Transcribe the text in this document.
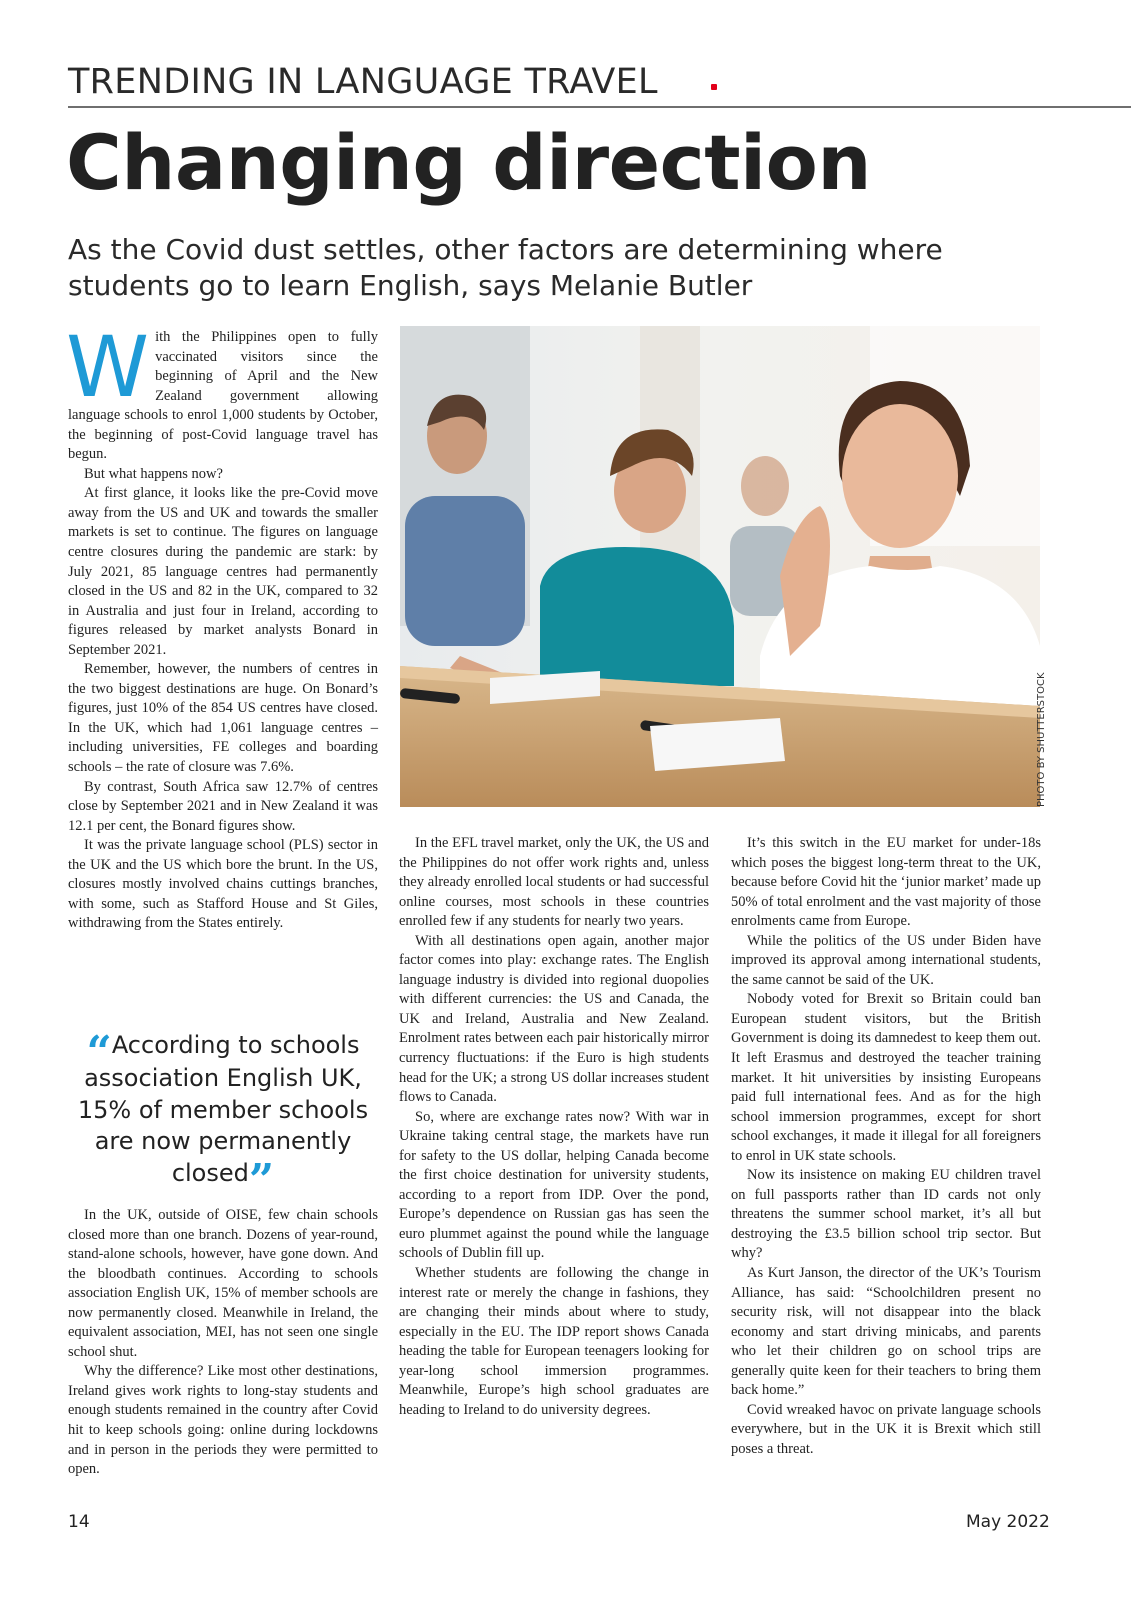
TRENDING IN LANGUAGE TRAVEL
Changing direction
As the Covid dust settles, other factors are determining where students go to learn English, says Melanie Butler
PHOTO BY SHUTTERSTOCK

With the Philippines open to fully vaccinated visitors since the beginning of April and the New Zealand government allowing language schools to enrol 1,000 students by October, the beginning of post-Covid language travel has begun.

But what happens now?

At first glance, it looks like the pre-Covid move away from the US and UK and towards the smaller markets is set to continue. The figures on language centre closures during the pandemic are stark: by July 2021, 85 language centres had permanently closed in the US and 82 in the UK, compared to 32 in Australia and just four in Ireland, according to figures released by market analysts Bonard in September 2021.

Remember, however, the numbers of centres in the two biggest destinations are huge. On Bonard’s figures, just 10% of the 854 US centres have closed. In the UK, which had 1,061 language centres – including universities, FE colleges and boarding schools – the rate of closure was 7.6%.

By contrast, South Africa saw 12.7% of centres close by September 2021 and in New Zealand it was 12.1 per cent, the Bonard figures show.

It was the private language school (PLS) sector in the UK and the US which bore the brunt. In the US, closures mostly involved chains cuttings branches, with some, such as Stafford House and St Giles, withdrawing from the States entirely.

“According to schools association English UK, 15% of member schools are now permanently closed”

In the UK, outside of OISE, few chain schools closed more than one branch. Dozens of year-round, stand-alone schools, however, have gone down. And the bloodbath continues. According to schools association English UK, 15% of member schools are now permanently closed. Meanwhile in Ireland, the equivalent association, MEI, has not seen one single school shut.

Why the difference? Like most other destinations, Ireland gives work rights to long-stay students and enough students remained in the country after Covid hit to keep schools going: online during lockdowns and in person in the periods they were permitted to open.

In the EFL travel market, only the UK, the US and the Philippines do not offer work rights and, unless they already enrolled local students or had successful online courses, most schools in these countries enrolled few if any students for nearly two years.

With all destinations open again, another major factor comes into play: exchange rates. The English language industry is divided into regional duopolies with different currencies: the US and Canada, the UK and Ireland, Australia and New Zealand. Enrolment rates between each pair historically mirror currency fluctuations: if the Euro is high students head for the UK; a strong US dollar increases student flows to Canada.

So, where are exchange rates now? With war in Ukraine taking central stage, the markets have run for safety to the US dollar, helping Canada become the first choice destination for university students, according to a report from IDP. Over the pond, Europe’s dependence on Russian gas has seen the euro plummet against the pound while the language schools of Dublin fill up.

Whether students are following the change in interest rate or merely the change in fashions, they are changing their minds about where to study, especially in the EU. The IDP report shows Canada heading the table for European teenagers looking for year-long school immersion programmes. Meanwhile, Europe’s high school graduates are heading to Ireland to do university degrees.

It’s this switch in the EU market for under-18s which poses the biggest long-term threat to the UK, because before Covid hit the ‘junior market’ made up 50% of total enrolment and the vast majority of those enrolments came from Europe.

While the politics of the US under Biden have improved its approval among international students, the same cannot be said of the UK.

Nobody voted for Brexit so Britain could ban European student visitors, but the British Government is doing its damnedest to keep them out. It left Erasmus and destroyed the teacher training market. It hit universities by insisting Europeans paid full international fees. And as for the high school immersion programmes, except for short school exchanges, it made it illegal for all foreigners to enrol in UK state schools.

Now its insistence on making EU children travel on full passports rather than ID cards not only threatens the summer school market, it’s all but destroying the £3.5 billion school trip sector. But why?

As Kurt Janson, the director of the UK’s Tourism Alliance, has said: “Schoolchildren present no security risk, will not disappear into the black economy and start driving minicabs, and parents who let their children go on school trips are generally quite keen for their teachers to bring them back home.”

Covid wreaked havoc on private language schools everywhere, but in the UK it is Brexit which still poses a threat.

14	May 2022
